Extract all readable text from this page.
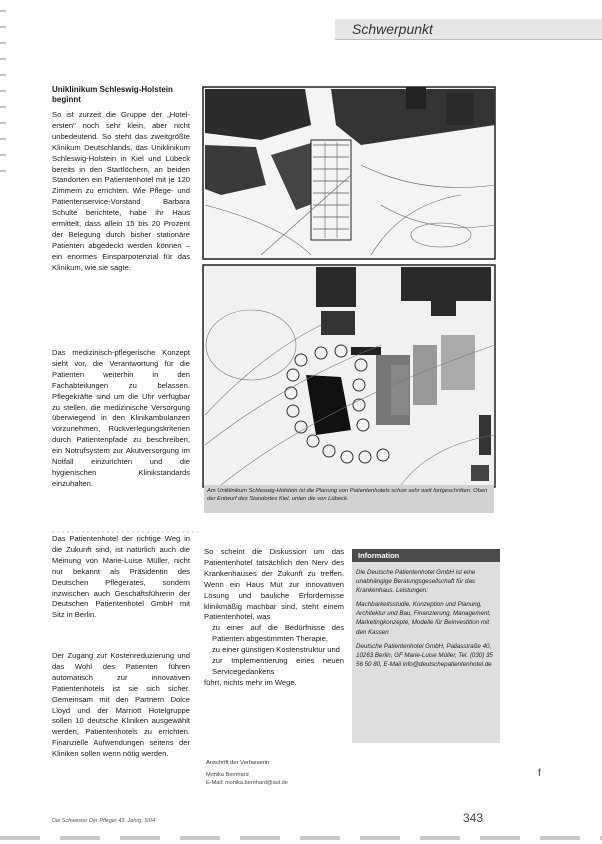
Schwerpunkt
Uniklinikum Schleswig-Holstein beginnt

So ist zurzeit die Gruppe der „Hotel-ersten" noch sehr klein, aber nicht unbedeutend. So steht das zweitgrößte Klinikum Deutschlands, das Uniklinikum Schleswig-Holstein in Kiel und Lübeck bereits in den Startlöchern, an beiden Standorten ein Patientenhotel mit je 120 Zimmern zu errichten. Wie Pflege- und Patientenservice-Vorstand Barbara Schulte berichtete, habe ihr Haus ermittelt, dass allein 15 bis 20 Prozent der Belegung durch bisher stationäre Patienten abgedeckt werden können – ein enormes Einsparpotenzial für das Klinikum, wie sie sagte.

Das medizinisch-pflegerische Konzept sieht vor, die Verantwortung für die Patienten weiterhin in den Fachabteilungen zu belassen. Pflegekräfte sind um die Uhr verfügbar zu stellen, die medizinische Versorgung überwiegend in den Klinikambulanzen vorzunehmen, Rückverlegungskriterien durch Patientenpfade zu beschreiben, ein Notrufsystem zur Akutversorgung im Notfall einzurichten und die hygienischen Klinikstandards einzuhalten.

Das Patientenhotel der richtige Weg in die Zukunft sind, ist natürlich auch die Meinung von Marie-Luise Müller, nicht nur bekannt als Präsidentin des Deutschen Pflegerates, sondern inzwischen auch Geschäftsführerin der Deutschen Patientenhotel GmbH mit Sitz in Berlin.

Der Zugang zur Kostenreduzierung und das Wohl des Patienten führen automatisch zur innovativen Patientenhotels ist sie sich sicher. Gemeinsam mit den Partnern Dolce Lloyd und der Marriott Hotelgruppe sollen 10 deutsche Kliniken ausgewählt werden, Patientenhotels zu errichten. Finanzielle Aufwendungen seitens der Kliniken sollen wenn nötig werden.

So scheint die Diskussion um das Patientenhotel tatsächlich den Nerv des Krankenhauses der Zukunft zu treffen. Wenn ein Haus Mut zur innovativen Lösung und bauliche Erfordernisse klinikmäßig machbar sind, steht einem Patientenhotel, was

zu einer auf die Bedürfnisse des Patienten abgestimmten Therapie,

zu einer günstigen Kostenstruktur und

zur Implementierung eines neuen Servicegedankens

führt, nichts mehr im Wege.

Am Uniklinikum Schleswig-Holstein ist die Planung von Patientenhotels schon sehr weit fortgeschritten. Oben der Entwurf des Standortes Kiel, unten die von Lübeck.
Information

Die Deutsche Patientenhotel GmbH ist eine unabhängige Beratungsgesellschaft für das Krankenhaus. Leistungen:

Machbarkeitsstudie, Konzeption und Planung, Architektur und Bau, Finanzierung, Management, Marketingkonzepte, Modelle für Beinvestition mit den Kassen

Deutsche Patientenhotel GmbH, Pallasstraße 40, 10263 Berlin, GF Marie-Luise Müller, Tel. (030) 35 56 50 80, E-Mail info@deutschepatientenhotel.de

Anschrift der Verfasserin
Monika Bernhard
E-Mail: monika.bernhard@aol.de
f
Die Schwester Der Pfleger 43. Jahrg. 5/04	343
